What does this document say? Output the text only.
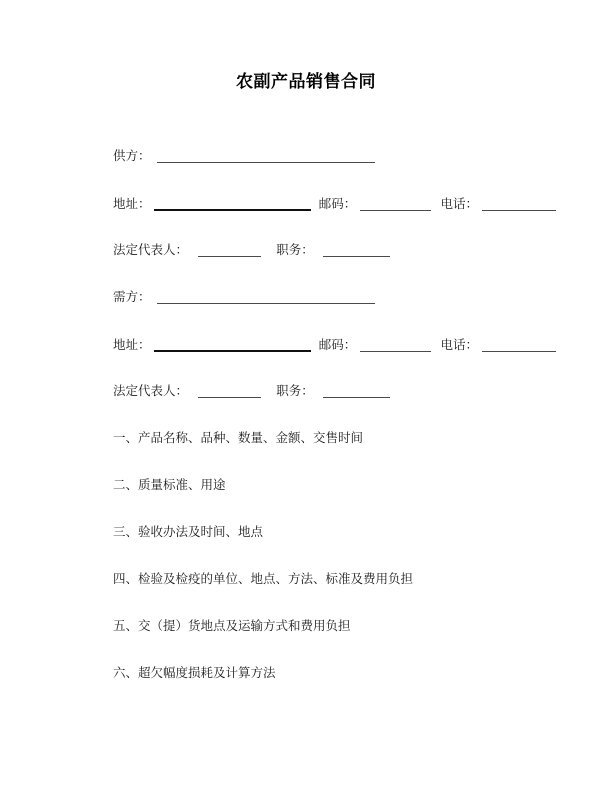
农副产品销售合同
供方：
地址：	邮码：	电话：
法定代表人：	职务：
需方：
地址：	邮码：	电话：
法定代表人：	职务：
一、产品名称、品种、数量、金额、交售时间
二、质量标准、用途
三、验收办法及时间、地点
四、检验及检疫的单位、地点、方法、标准及费用负担
五、交（提）货地点及运输方式和费用负担
六、超欠幅度损耗及计算方法
